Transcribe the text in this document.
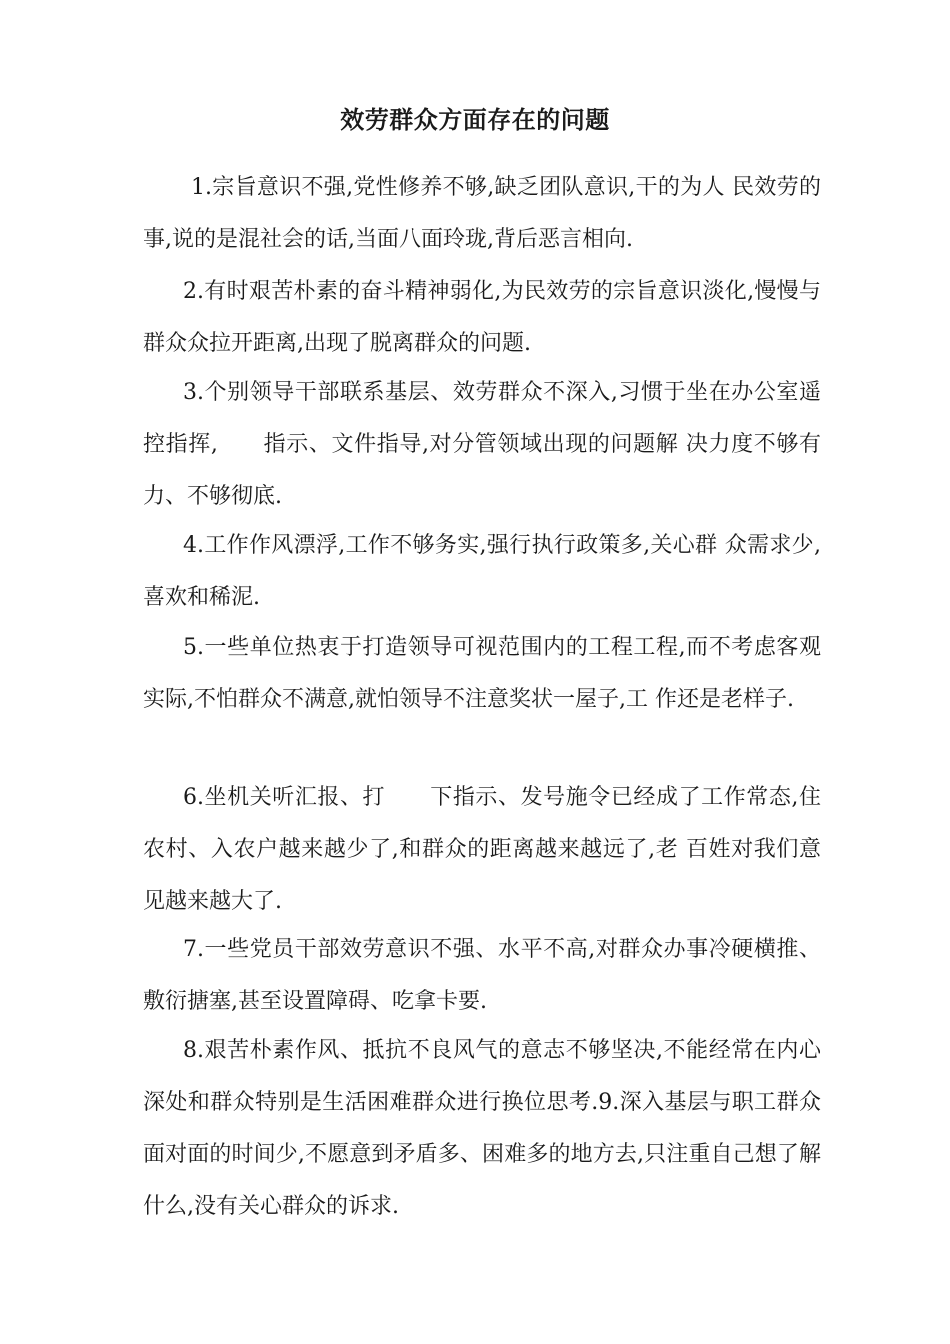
效劳群众方面存在的问题

1.宗旨意识不强,党性修养不够,缺乏团队意识,干的为人 民效劳的事,说的是混社会的话,当面八面玲珑,背后恶言相向.

2.有时艰苦朴素的奋斗精神弱化,为民效劳的宗旨意识淡化,慢慢与群众众拉开距离,出现了脱离群众的问题.

3.个别领导干部联系基层、效劳群众不深入,习惯于坐在办公室遥控指挥,　　指示、文件指导,对分管领域出现的问题解 决力度不够有力、不够彻底.

4.工作作风漂浮,工作不够务实,强行执行政策多,关心群 众需求少,喜欢和稀泥.

5.一些单位热衷于打造领导可视范围内的工程工程,而不考虑客观实际,不怕群众不满意,就怕领导不注意奖状一屋子,工 作还是老样子.

6.坐机关听汇报、打　　下指示、发号施令已经成了工作常态,住农村、入农户越来越少了,和群众的距离越来越远了,老 百姓对我们意见越来越大了.

7.一些党员干部效劳意识不强、水平不高,对群众办事冷硬横推、敷衍搪塞,甚至设置障碍、吃拿卡要.

8.艰苦朴素作风、抵抗不良风气的意志不够坚决,不能经常在内心深处和群众特别是生活困难群众进行换位思考.9.深入基层与职工群众面对面的时间少,不愿意到矛盾多、困难多的地方去,只注重自己想了解什么,没有关心群众的诉求.
